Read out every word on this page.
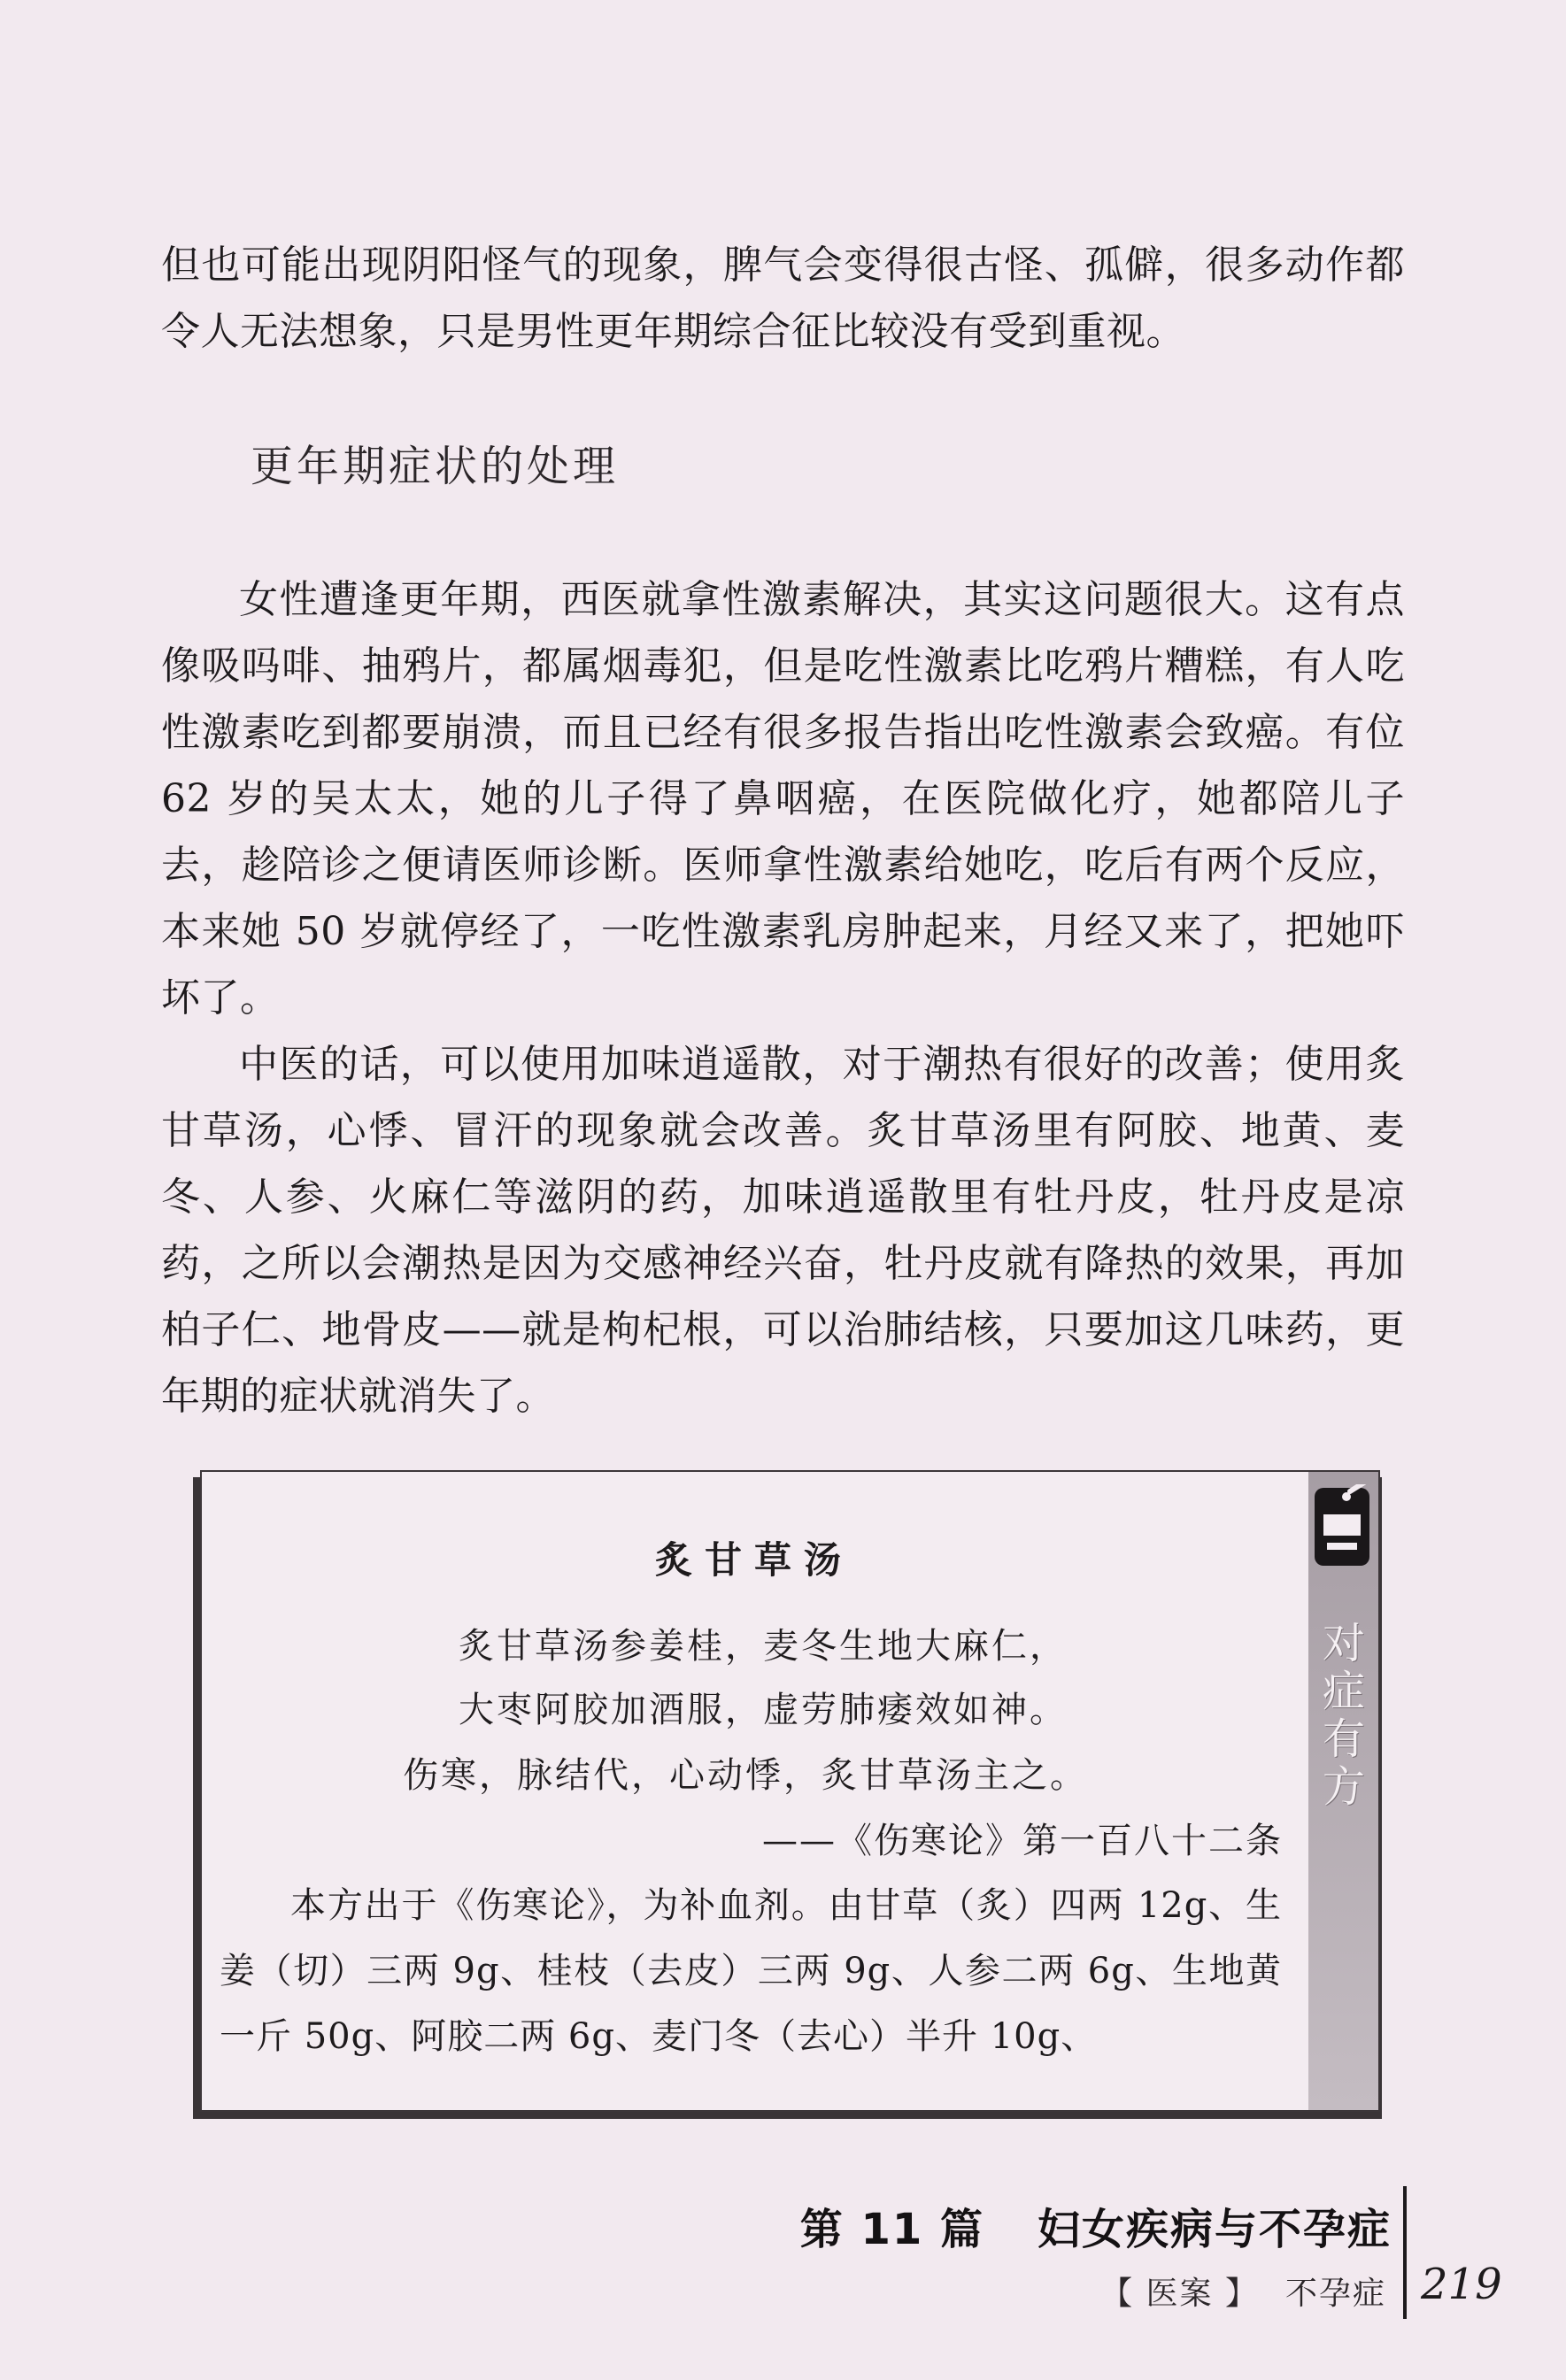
但也可能出现阴阳怪气的现象，脾气会变得很古怪、孤僻，很多动作都令人无法想象，只是男性更年期综合征比较没有受到重视。

更年期症状的处理

女性遭逢更年期，西医就拿性激素解决，其实这问题很大。这有点像吸吗啡、抽鸦片，都属烟毒犯，但是吃性激素比吃鸦片糟糕，有人吃性激素吃到都要崩溃，而且已经有很多报告指出吃性激素会致癌。有位 62 岁的吴太太，她的儿子得了鼻咽癌，在医院做化疗，她都陪儿子去，趁陪诊之便请医师诊断。医师拿性激素给她吃，吃后有两个反应，本来她 50 岁就停经了，一吃性激素乳房肿起来，月经又来了，把她吓坏了。

中医的话，可以使用加味逍遥散，对于潮热有很好的改善；使用炙甘草汤，心悸、冒汗的现象就会改善。炙甘草汤里有阿胶、地黄、麦冬、人参、火麻仁等滋阴的药，加味逍遥散里有牡丹皮，牡丹皮是凉药，之所以会潮热是因为交感神经兴奋，牡丹皮就有降热的效果，再加柏子仁、地骨皮——就是枸杞根，可以治肺结核，只要加这几味药，更年期的症状就消失了。

对
症
有
方
炙甘草汤
炙甘草汤参姜桂，麦冬生地大麻仁，
大枣阿胶加酒服，虚劳肺痿效如神。
伤寒，脉结代，心动悸，炙甘草汤主之。
——《伤寒论》第一百八十二条

本方出于《伤寒论》，为补血剂。由甘草（炙）四两 12g、生姜（切）三两 9g、桂枝（去皮）三两 9g、人参二两 6g、生地黄一斤 50g、阿胶二两 6g、麦门冬（去心）半升 10g、

第 11 篇 妇女疾病与不孕症
【 医案 】 不孕症 219
